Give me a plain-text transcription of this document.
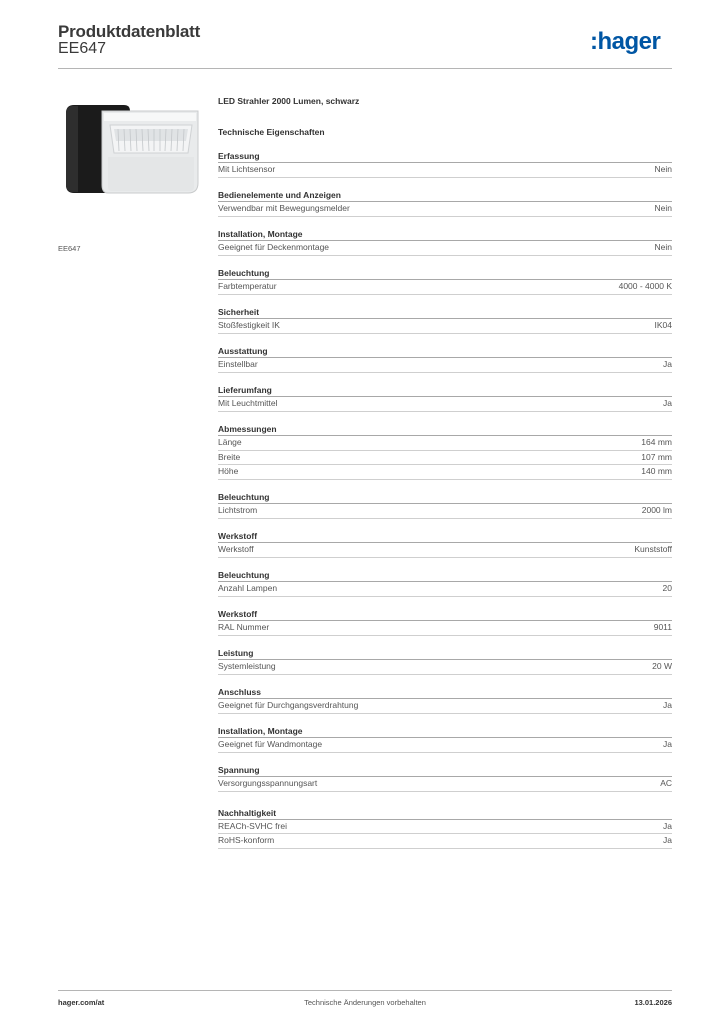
Produktdatenblatt
EE647	:hager
EE647
LED Strahler 2000 Lumen, schwarz
Technische Eigenschaften
Erfassung
Mit Lichtsensor	Nein
Bedienelemente und Anzeigen
Verwendbar mit Bewegungsmelder	Nein
Installation, Montage
Geeignet für Deckenmontage	Nein
Beleuchtung
Farbtemperatur	4000 - 4000 K
Sicherheit
Stoßfestigkeit IK	IK04
Ausstattung
Einstellbar	Ja
Lieferumfang
Mit Leuchtmittel	Ja
Abmessungen
Länge	164 mm
Breite	107 mm
Höhe	140 mm
Beleuchtung
Lichtstrom	2000 lm
Werkstoff
Werkstoff	Kunststoff
Beleuchtung
Anzahl Lampen	20
Werkstoff
RAL Nummer	9011
Leistung
Systemleistung	20 W
Anschluss
Geeignet für Durchgangsverdrahtung	Ja
Installation, Montage
Geeignet für Wandmontage	Ja
Spannung
Versorgungsspannungsart	AC
Nachhaltigkeit
REACh-SVHC frei	Ja
RoHS-konform	Ja
hager.com/at	Technische Änderungen vorbehalten	13.01.2026
